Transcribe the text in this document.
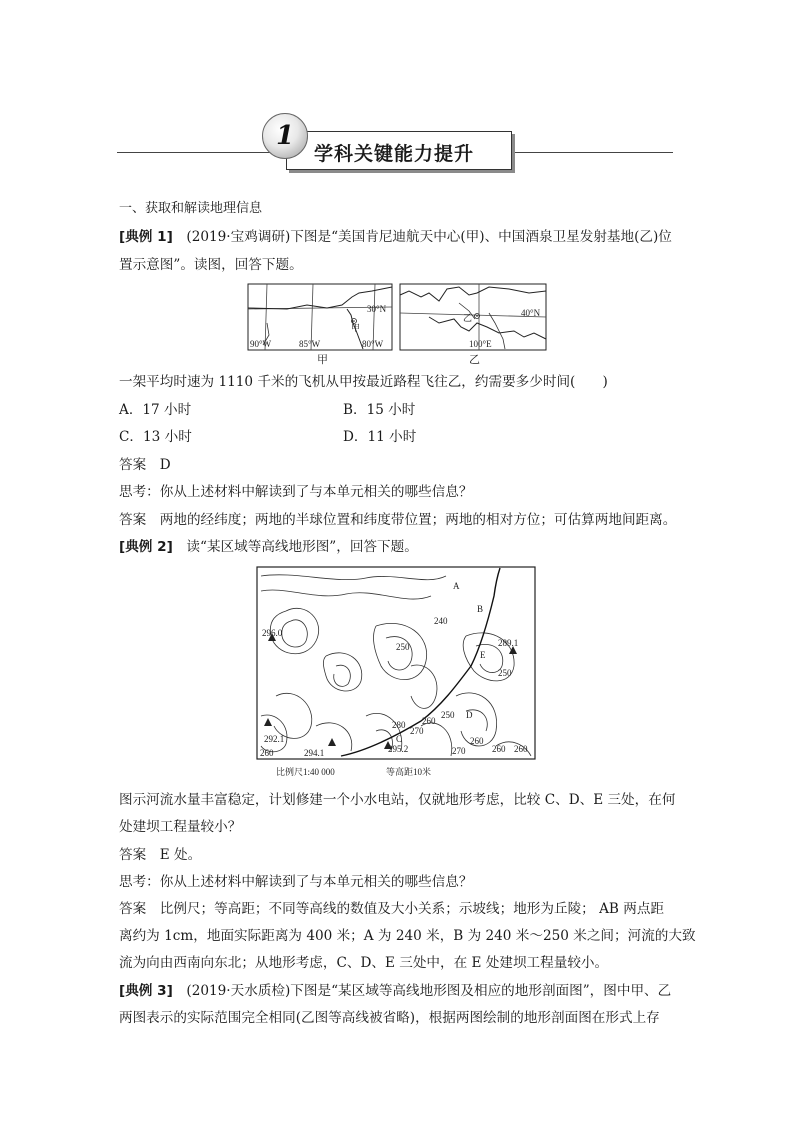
1
学科关键能力提升
一、获取和解读地理信息
[典例 1]　 (2019·宝鸡调研)下图是“美国肯尼迪航天中心(甲)、中国酒泉卫星发射基地(乙)位
置示意图”。读图，回答下题。
30°N
甲
90°W	85°W	80°W
甲
40°N
乙
100°E
乙
一架平均时速为 1110 千米的飞机从甲按最近路程飞往乙，约需要多少时间(　　)
A．17 小时	B．15 小时
C．13 小时	D．11 小时
答案　 D
思考：你从上述材料中解读到了与本单元相关的哪些信息？
答案　 两地的经纬度；两地的半球位置和纬度带位置；两地的相对方位；可估算两地间距离。
[典例 2]　 读“某区域等高线地形图”，回答下题。
A
B
C
D
E
240
250
250
250
260
260
260
270
270
280
260
260
296.0
289.1
292.1
294.1	295.2
比例尺1:40 000	等高距10米
图示河流水量丰富稳定，计划修建一个小水电站，仅就地形考虑，比较 C、D、E 三处，在何
处建坝工程量较小？
答案　 E 处。
思考：你从上述材料中解读到了与本单元相关的哪些信息？
答案　 比例尺；等高距；不同等高线的数值及大小关系；示坡线；地形为丘陵； AB 两点距
离约为 1cm，地面实际距离为 400 米；A 为 240 米，B 为 240 米～250 米之间；河流的大致
流为向由西南向东北；从地形考虑，C、D、E 三处中，在 E 处建坝工程量较小。
[典例 3]　 (2019·天水质检)下图是“某区域等高线地形图及相应的地形剖面图”，图中甲、乙
两图表示的实际范围完全相同(乙图等高线被省略)，根据两图绘制的地形剖面图在形式上存
